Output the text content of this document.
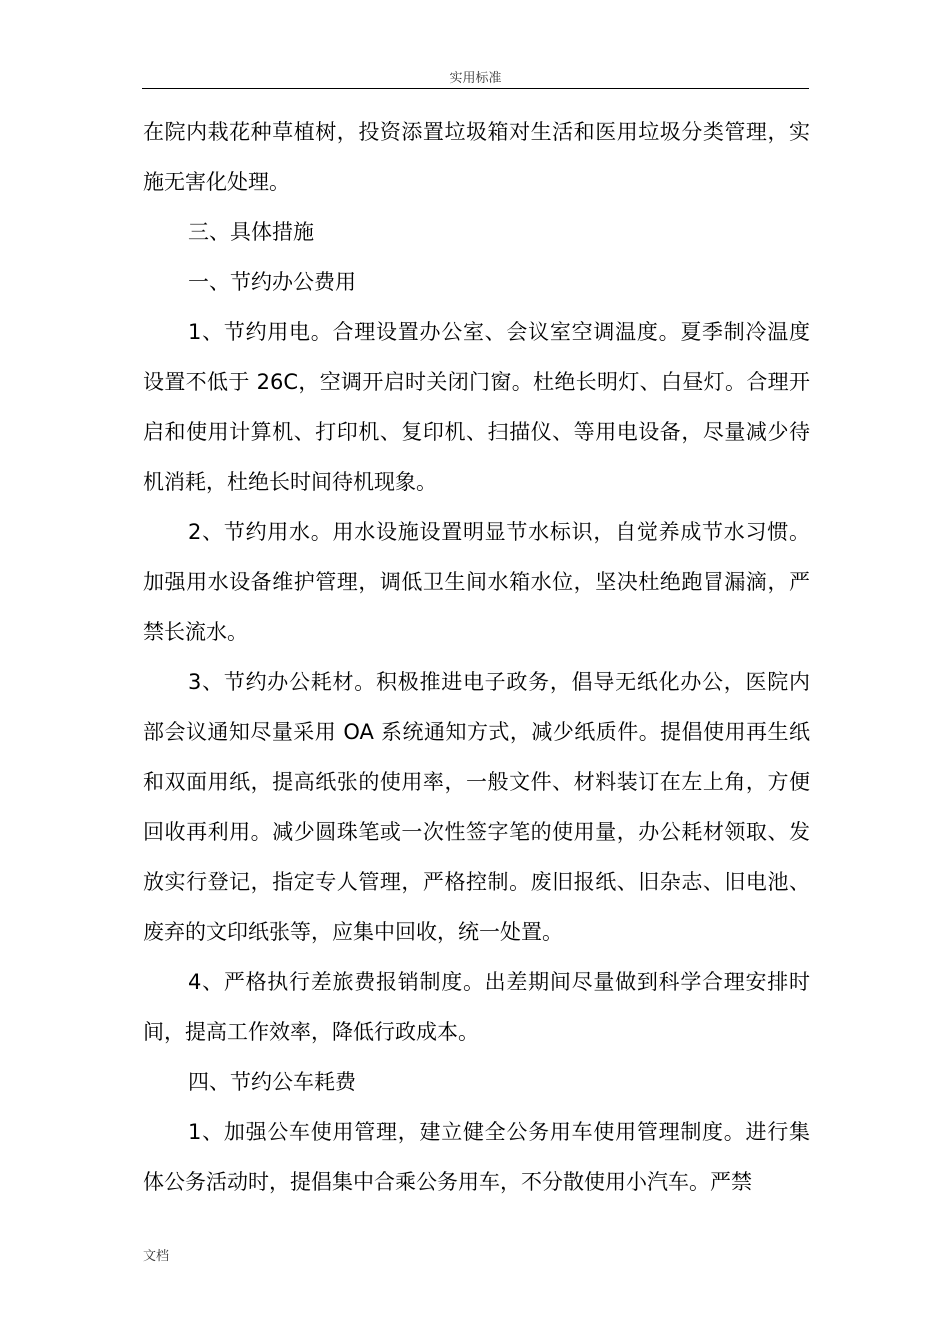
实用标准

在院内栽花种草植树，投资添置垃圾箱对生活和医用垃圾分类管理，实施无害化处理。

三、具体措施

一、节约办公费用

1、节约用电。合理设置办公室、会议室空调温度。夏季制冷温度设置不低于 26C，空调开启时关闭门窗。杜绝长明灯、白昼灯。合理开启和使用计算机、打印机、复印机、扫描仪、等用电设备，尽量减少待机消耗，杜绝长时间待机现象。

2、节约用水。用水设施设置明显节水标识，自觉养成节水习惯。加强用水设备维护管理，调低卫生间水箱水位，坚决杜绝跑冒漏滴，严禁长流水。

3、节约办公耗材。积极推进电子政务，倡导无纸化办公，医院内部会议通知尽量采用 OA 系统通知方式，减少纸质件。提倡使用再生纸和双面用纸，提高纸张的使用率，一般文件、材料装订在左上角，方便回收再利用。减少圆珠笔或一次性签字笔的使用量，办公耗材领取、发放实行登记，指定专人管理，严格控制。废旧报纸、旧杂志、旧电池、废弃的文印纸张等，应集中回收，统一处置。

4、严格执行差旅费报销制度。出差期间尽量做到科学合理安排时间，提高工作效率，降低行政成本。

四、节约公车耗费

1、加强公车使用管理，建立健全公务用车使用管理制度。进行集体公务活动时，提倡集中合乘公务用车，不分散使用小汽车。严禁

文档
